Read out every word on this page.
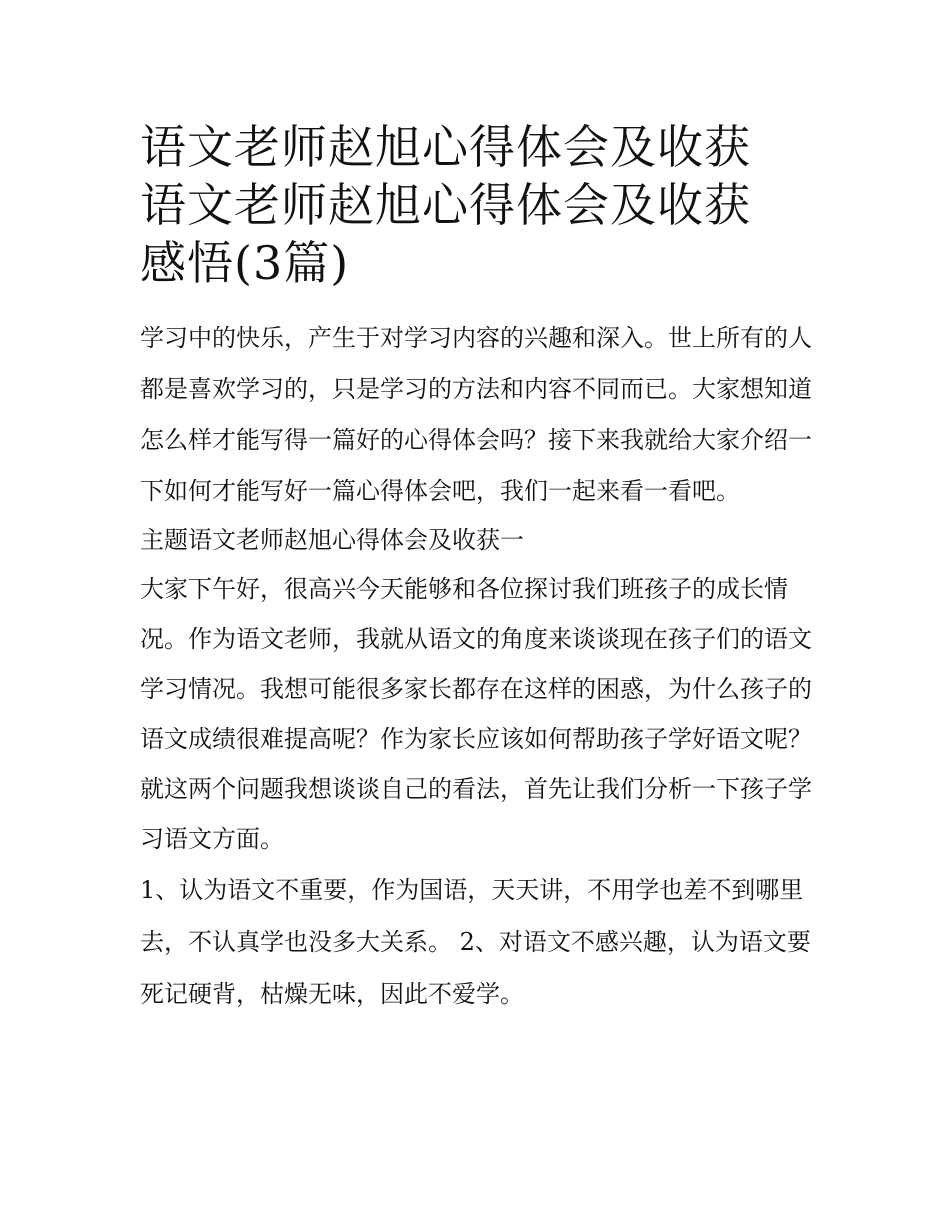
语文老师赵旭心得体会及收获
语文老师赵旭心得体会及收获
感悟(3篇)

学习中的快乐，产生于对学习内容的兴趣和深入。世上所有的人都是喜欢学习的，只是学习的方法和内容不同而已。大家想知道怎么样才能写得一篇好的心得体会吗？接下来我就给大家介绍一下如何才能写好一篇心得体会吧，我们一起来看一看吧。

主题语文老师赵旭心得体会及收获一

大家下午好，很高兴今天能够和各位探讨我们班孩子的成长情况。作为语文老师，我就从语文的角度来谈谈现在孩子们的语文学习情况。我想可能很多家长都存在这样的困惑，为什么孩子的语文成绩很难提高呢？作为家长应该如何帮助孩子学好语文呢？就这两个问题我想谈谈自己的看法，首先让我们分析一下孩子学习语文方面。

1、认为语文不重要，作为国语，天天讲，不用学也差不到哪里去，不认真学也没多大关系。 2、对语文不感兴趣，认为语文要死记硬背，枯燥无味，因此不爱学。
